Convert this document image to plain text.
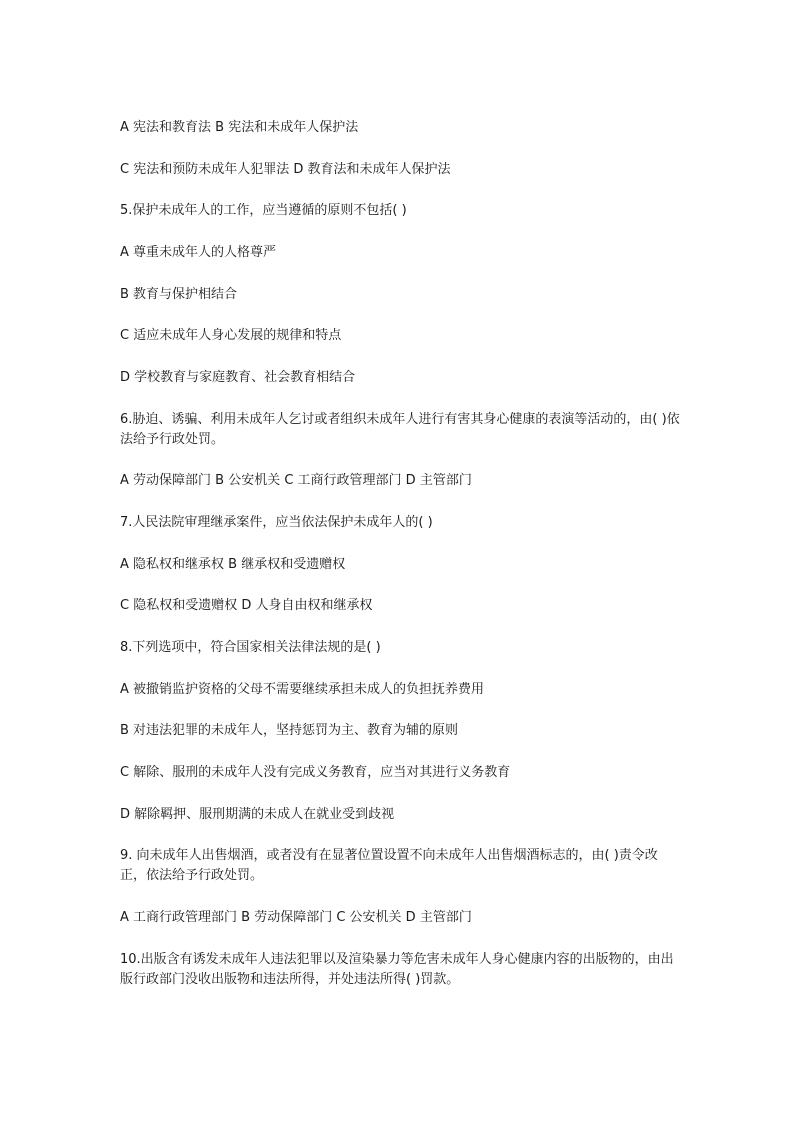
A 宪法和教育法 B 宪法和未成年人保护法
C 宪法和预防未成年人犯罪法 D 教育法和未成年人保护法
5.保护未成年人的工作，应当遵循的原则不包括( )
A 尊重未成年人的人格尊严
B 教育与保护相结合
C 适应未成年人身心发展的规律和特点
D 学校教育与家庭教育、社会教育相结合
6.胁迫、诱骗、利用未成年人乞讨或者组织未成年人进行有害其身心健康的表演等活动的，由( )依法给予行政处罚。
A 劳动保障部门 B 公安机关 C 工商行政管理部门 D 主管部门
7.人民法院审理继承案件，应当依法保护未成年人的( )
A 隐私权和继承权 B 继承权和受遗赠权
C 隐私权和受遗赠权 D 人身自由权和继承权
8.下列选项中，符合国家相关法律法规的是( )
A 被撤销监护资格的父母不需要继续承担未成人的负担抚养费用
B 对违法犯罪的未成年人，坚持惩罚为主、教育为辅的原则
C 解除、服刑的未成年人没有完成义务教育，应当对其进行义务教育
D 解除羁押、服刑期满的未成人在就业受到歧视
9. 向未成年人出售烟酒，或者没有在显著位置设置不向未成年人出售烟酒标志的，由( )责令改正，依法给予行政处罚。
A 工商行政管理部门 B 劳动保障部门 C 公安机关 D 主管部门
10.出版含有诱发未成年人违法犯罪以及渲染暴力等危害未成年人身心健康内容的出版物的，由出版行政部门没收出版物和违法所得，并处违法所得( )罚款。
